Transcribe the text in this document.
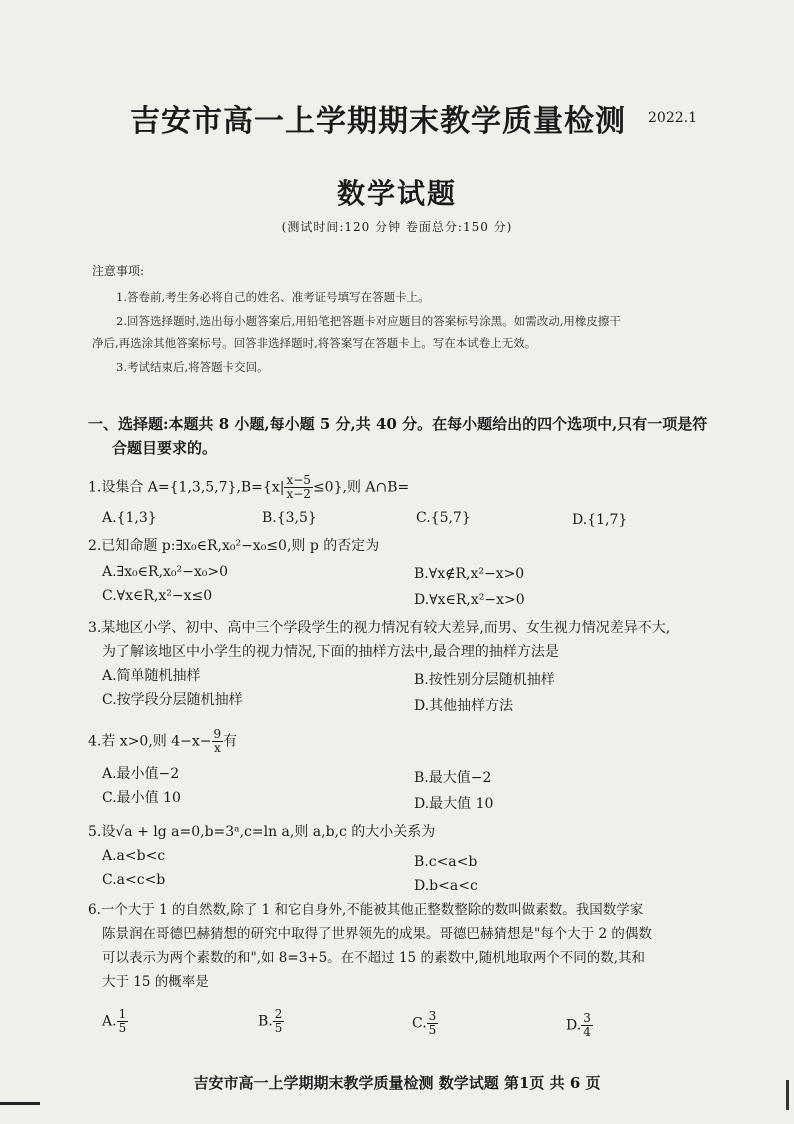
吉安市高一上学期期末教学质量检测	2022.1
数学试题
(测试时间:120 分钟 卷面总分:150 分)
注意事项:
1.答卷前,考生务必将自己的姓名、准考证号填写在答题卡上。
2.回答选择题时,选出每小题答案后,用铅笔把答题卡对应题目的答案标号涂黑。如需改动,用橡皮擦干
净后,再选涂其他答案标号。回答非选择题时,将答案写在答题卡上。写在本试卷上无效。
3.考试结束后,将答题卡交回。
一、选择题:本题共 8 小题,每小题 5 分,共 40 分。在每小题给出的四个选项中,只有一项是符
合题目要求的。
1.设集合 $A=\{1,3,5,7\},B=\{x| \frac{x-5}{x-2} \le 0\}$,则 A∩B=
A.{1,3}	B.{3,5}	C.{5,7}	D.{1,7}
2.已知命题 p:∃x₀∈R,x₀²−x₀≤0,则 p 的否定为
A.∃x₀∈R,x₀²−x₀>0	B.∀x∉R,x²−x>0
C.∀x∈R,x²−x≤0	D.∀x∈R,x²−x>0
3.某地区小学、初中、高中三个学段学生的视力情况有较大差异,而男、女生视力情况差异不大,
为了解该地区中小学生的视力情况,下面的抽样方法中,最合理的抽样方法是
A.简单随机抽样	B.按性别分层随机抽样
C.按学段分层随机抽样	D.其他抽样方法
4.若 x>0,则 $4-x- \frac{9}{x}$ 有
A.最小值−2	B.最大值−2
C.最小值 10	D.最大值 10
5.设√a + lg a=0,b=3ᵃ,c=ln a,则 a,b,c 的大小关系为
A.a<b<c	B.c<a<b
C.a<c<b	D.b<a<c
6.一个大于 1 的自然数,除了 1 和它自身外,不能被其他正整数整除的数叫做素数。我国数学家
陈景润在哥德巴赫猜想的研究中取得了世界领先的成果。哥德巴赫猜想是"每个大于 2 的偶数
可以表示为两个素数的和",如 8=3+5。在不超过 15 的素数中,随机地取两个不同的数,其和
大于 15 的概率是
A. $\frac{1}{5}$	B. $\frac{2}{5}$	C. $\frac{3}{5}$	D. $\frac{3}{4}$
吉安市高一上学期期末教学质量检测 数学试题 第1页 共 6 页
